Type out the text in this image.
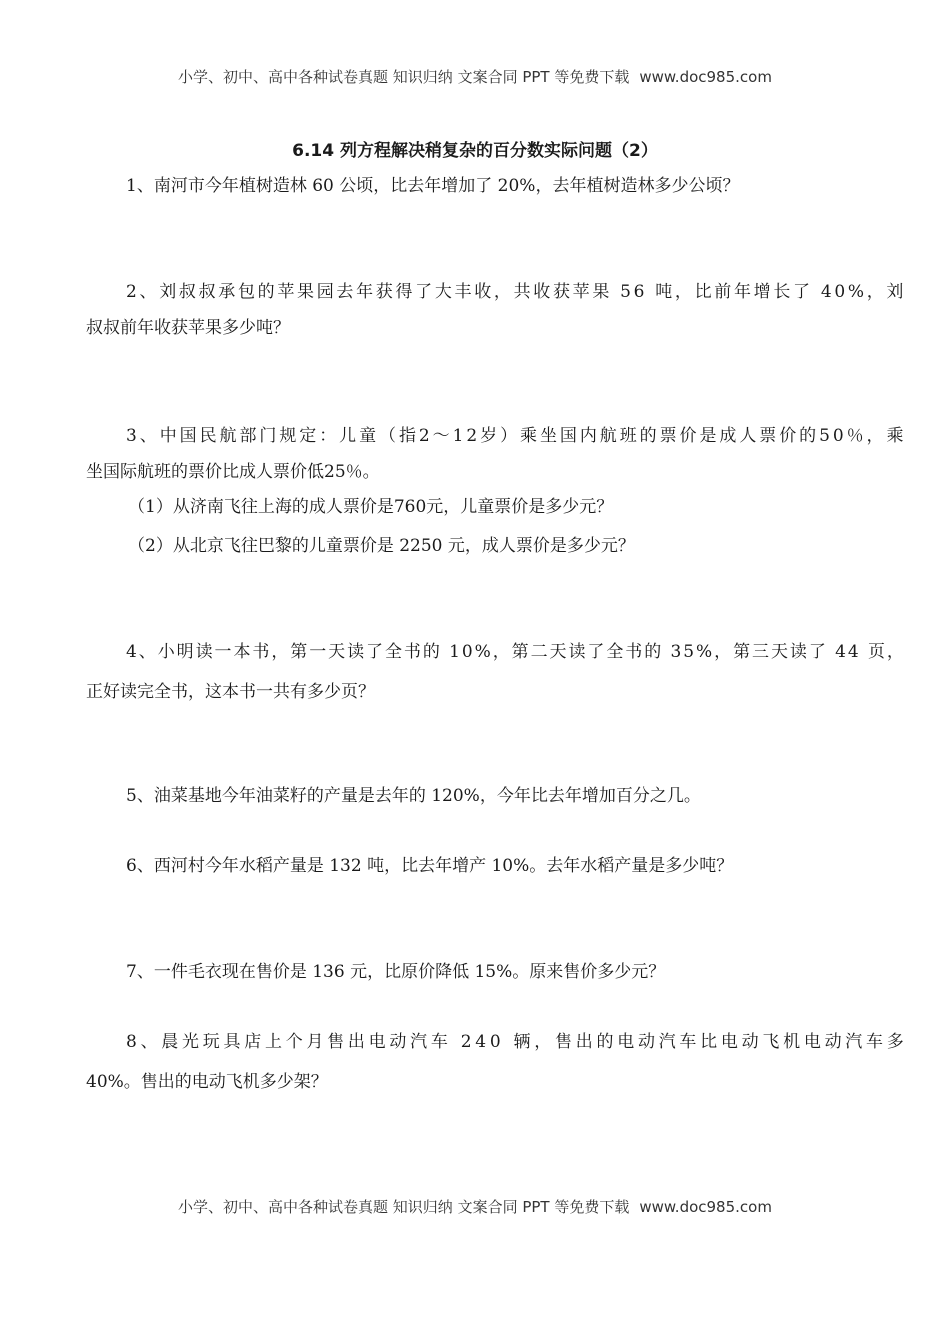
小学、初中、高中各种试卷真题 知识归纳 文案合同 PPT 等免费下载 www.doc985.com
6.14 列方程解决稍复杂的百分数实际问题（2）
1、南河市今年植树造林 60 公顷，比去年增加了 20%，去年植树造林多少公顷？
2 、 刘 叔 叔 承 包 的 苹 果 园 去 年 获 得 了 大 丰 收 ， 共 收 获 苹 果
5 6
吨 ， 比 前 年 增 长 了
4 0 % ， 刘
叔叔前年收获苹果多少吨？
3 、 中 国 民 航 部 门 规 定 ： 儿 童 （ 指 2 ～ 1 2 岁 ） 乘 坐 国 内 航 班 的 票 价 是 成 人 票 价 的 5 0 ％ ， 乘
坐国际航班的票价比成人票价低25％。
（1）从济南飞往上海的成人票价是760元，儿童票价是多少元？
（2）从北京飞往巴黎的儿童票价是 2250 元，成人票价是多少元？
4 、 小 明 读 一 本 书 ， 第 一 天 读 了 全 书 的
1 0 % ， 第 二 天 读 了 全 书 的
3 5 % ， 第 三 天 读 了
4 4
页 ，
正好读完全书，这本书一共有多少页？
5、油菜基地今年油菜籽的产量是去年的 120%，今年比去年增加百分之几。
6、西河村今年水稻产量是 132 吨，比去年增产 10%。去年水稻产量是多少吨？
7、一件毛衣现在售价是 136 元，比原价降低 15%。原来售价多少元？
8 、 晨 光 玩 具 店 上 个 月 售 出 电 动 汽 车
2 4 0
辆 ， 售 出 的 电 动 汽 车 比 电 动 飞 机 电 动 汽 车 多
40%。售出的电动飞机多少架？
小学、初中、高中各种试卷真题 知识归纳 文案合同 PPT 等免费下载 www.doc985.com
